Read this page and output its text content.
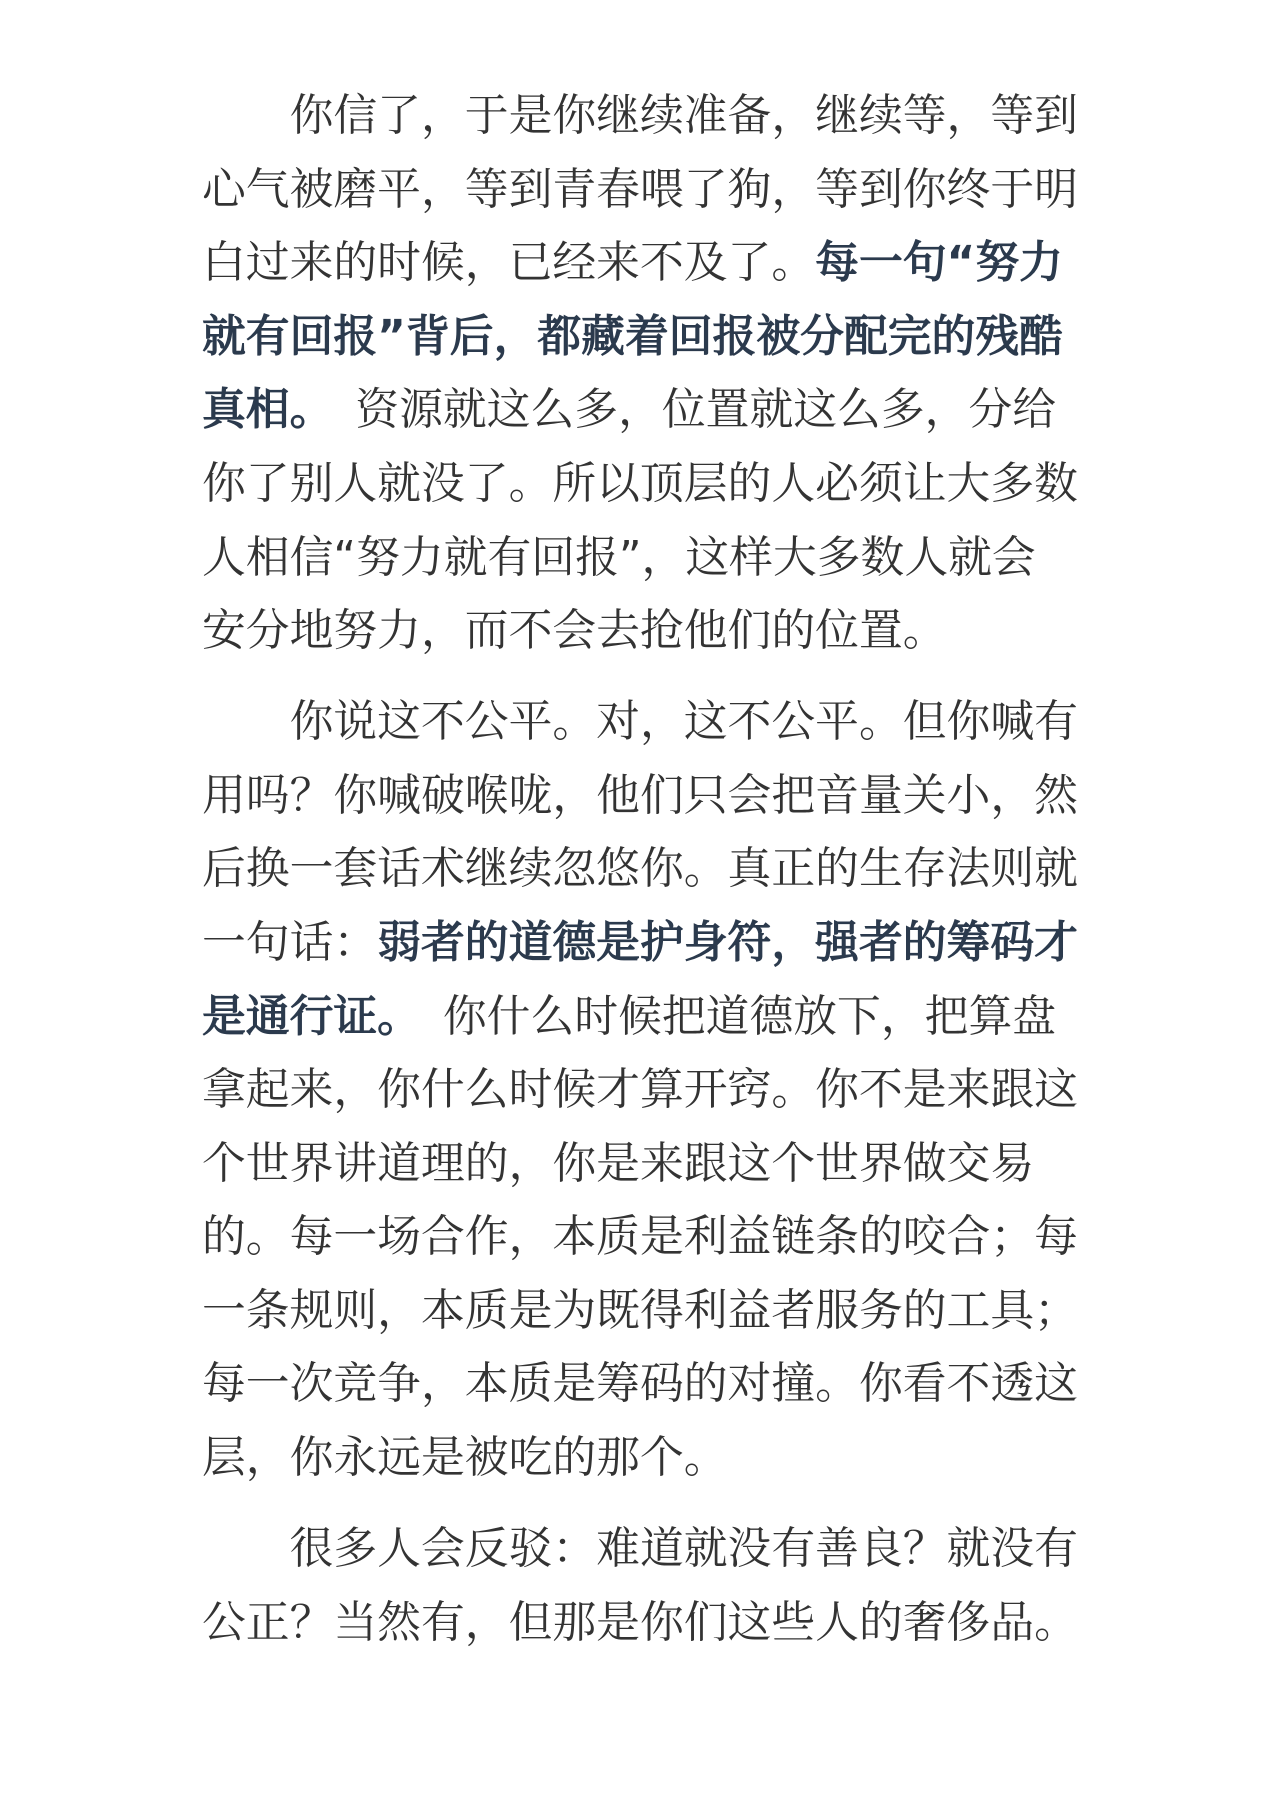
你信了，于是你继续准备，继续等，等到
心气被磨平，等到青春喂了狗，等到你终于明
白过来的时候，已经来不及了。每一句“努力
就有回报”背后，都藏着回报被分配完的残酷
真相。　资源就这么多，位置就这么多，分给
你了别人就没了。所以顶层的人必须让大多数
人相信“努力就有回报”，这样大多数人就会
安分地努力，而不会去抢他们的位置。
你说这不公平。对，这不公平。但你喊有
用吗？你喊破喉咙，他们只会把音量关小，然
后换一套话术继续忽悠你。真正的生存法则就
一句话：弱者的道德是护身符，强者的筹码才
是通行证。　你什么时候把道德放下，把算盘
拿起来，你什么时候才算开窍。你不是来跟这
个世界讲道理的，你是来跟这个世界做交易
的。每一场合作，本质是利益链条的咬合；每
一条规则，本质是为既得利益者服务的工具；
每一次竞争，本质是筹码的对撞。你看不透这
层，你永远是被吃的那个。
很多人会反驳：难道就没有善良？就没有
公正？当然有，但那是你们这些人的奢侈品。
